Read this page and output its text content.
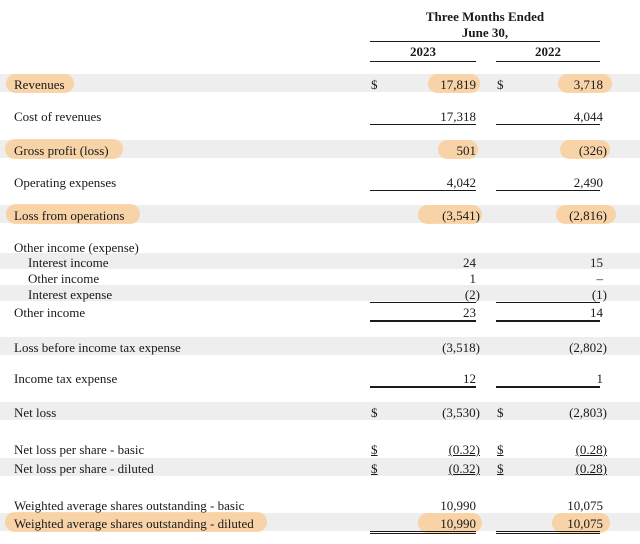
Three Months Ended
June 30,
2023	2022
Revenues	$	17,819 $	3,718
Cost of revenues	17,318	4,044
Gross profit (loss)	501	(326)
Operating expenses	4,042	2,490
Loss from operations	(3,541)	(2,816)
Other income (expense)
Interest income	24	15
Other income	1	–
Interest expense	(2)	(1)
Other income	23	14
Loss before income tax expense	(3,518)	(2,802)
Income tax expense	12	1
Net loss	$	(3,530) $	(2,803)
Net loss per share - basic	$	(0.32) $	(0.28)
Net loss per share - diluted	$	(0.32) $	(0.28)
Weighted average shares outstanding - basic	10,990	10,075
Weighted average shares outstanding - diluted	10,990	10,075
